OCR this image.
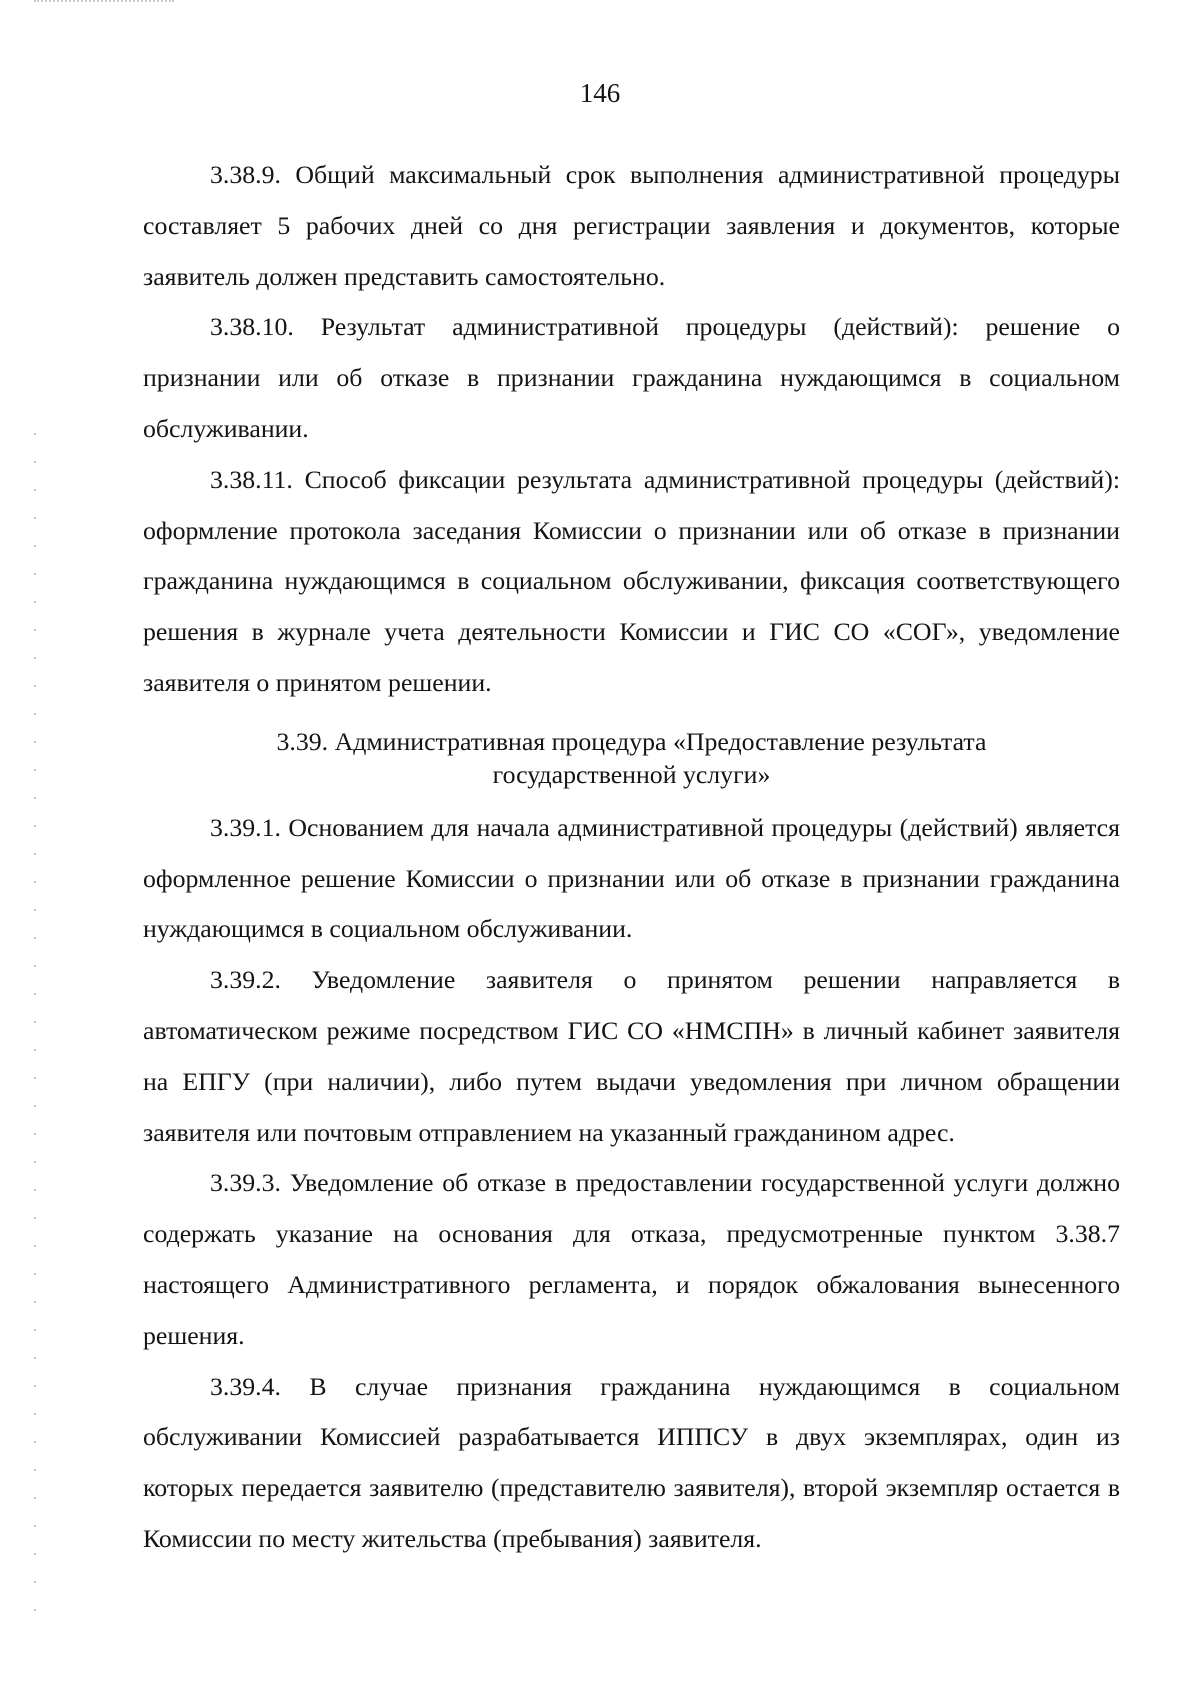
146

3.38.9. Общий максимальный срок выполнения административной процедуры составляет 5 рабочих дней со дня регистрации заявления и документов, которые заявитель должен представить самостоятельно.

3.38.10. Результат административной процедуры (действий): решение о признании или об отказе в признании гражданина нуждающимся в социальном обслуживании.

3.38.11. Способ фиксации результата административной процедуры (действий): оформление протокола заседания Комиссии о признании или об отказе в признании гражданина нуждающимся в социальном обслуживании, фиксация соответствующего решения в журнале учета деятельности Комиссии и ГИС СО «СОГ», уведомление заявителя о принятом решении.

3.39. Административная процедура «Предоставление результата
государственной услуги»

3.39.1. Основанием для начала административной процедуры (действий) является оформленное решение Комиссии о признании или об отказе в признании гражданина нуждающимся в социальном обслуживании.

3.39.2. Уведомление заявителя о принятом решении направляется в автоматическом режиме посредством ГИС СО «НМСПН» в личный кабинет заявителя на ЕПГУ (при наличии), либо путем выдачи уведомления при личном обращении заявителя или почтовым отправлением на указанный гражданином адрес.

3.39.3. Уведомление об отказе в предоставлении государственной услуги должно содержать указание на основания для отказа, предусмотренные пунктом 3.38.7 настоящего Административного регламента, и порядок обжалования вынесенного решения.

3.39.4. В случае признания гражданина нуждающимся в социальном обслуживании Комиссией разрабатывается ИППСУ в двух экземплярах, один из которых передается заявителю (представителю заявителя), второй экземпляр остается в Комиссии по месту жительства (пребывания) заявителя.
